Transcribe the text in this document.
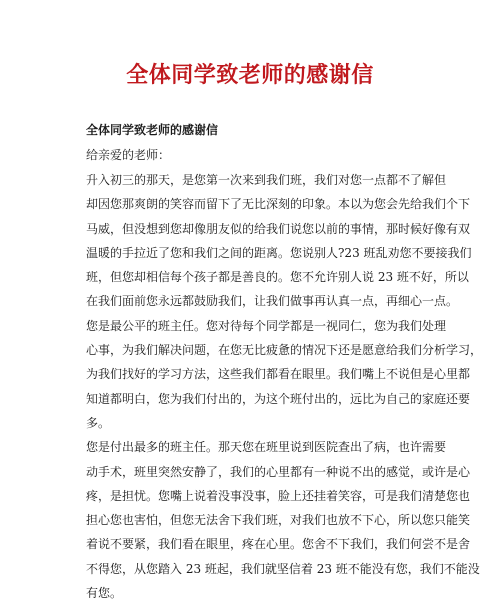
全体同学致老师的感谢信
全体同学致老师的感谢信
给亲爱的老师：
升入初三的那天，是您第一次来到我们班，我们对您一点都不了解但
却因您那爽朗的笑容而留下了无比深刻的印象。本以为您会先给我们个下
马威，但没想到您却像朋友似的给我们说您以前的事情，那时候好像有双
温暖的手拉近了您和我们之间的距离。您说别人?23 班乱劝您不要接我们
班，但您却相信每个孩子都是善良的。您不允许别人说 23 班不好，所以
在我们面前您永远都鼓励我们，让我们做事再认真一点，再细心一点。
您是最公平的班主任。您对待每个同学都是一视同仁，您为我们处理
心事，为我们解决问题，在您无比疲惫的情况下还是愿意给我们分析学习，
为我们找好的学习方法，这些我们都看在眼里。我们嘴上不说但是心里都
知道都明白，您为我们付出的，为这个班付出的，远比为自己的家庭还要
多。
您是付出最多的班主任。那天您在班里说到医院查出了病，也许需要
动手术，班里突然安静了，我们的心里都有一种说不出的感觉，或许是心
疼，是担忧。您嘴上说着没事没事，脸上还挂着笑容，可是我们清楚您也
担心您也害怕，但您无法舍下我们班，对我们也放不下心，所以您只能笑
着说不要紧，我们看在眼里，疼在心里。您舍不下我们，我们何尝不是舍
不得您，从您踏入 23 班起，我们就坚信着 23 班不能没有您，我们不能没
有您。
